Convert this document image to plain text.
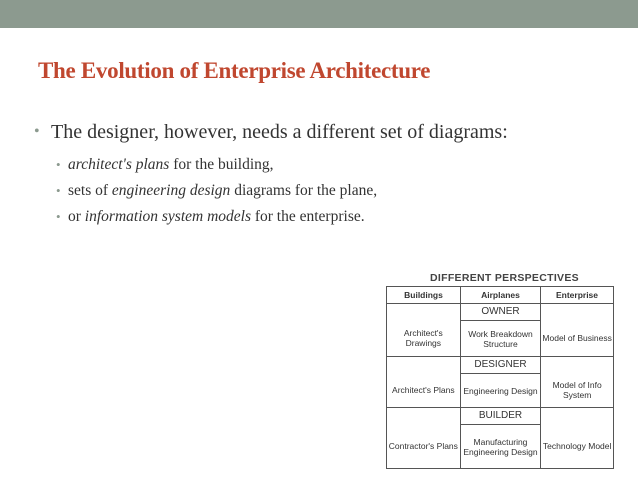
The Evolution of Enterprise Architecture
• The designer, however, needs a different set of diagrams:
• architect's plans for the building,
• sets of engineering design diagrams for the plane,
• or information system models for the enterprise.
DIFFERENT PERSPECTIVES
Buildings	Airplanes	Enterprise
Architect's Drawings
OWNER
Work Breakdown Structure
Model of Business
Architect's Plans
DESIGNER
Engineering Design
Model of Info System
Contractor's Plans
BUILDER
Manufacturing Engineering Design
Technology Model
